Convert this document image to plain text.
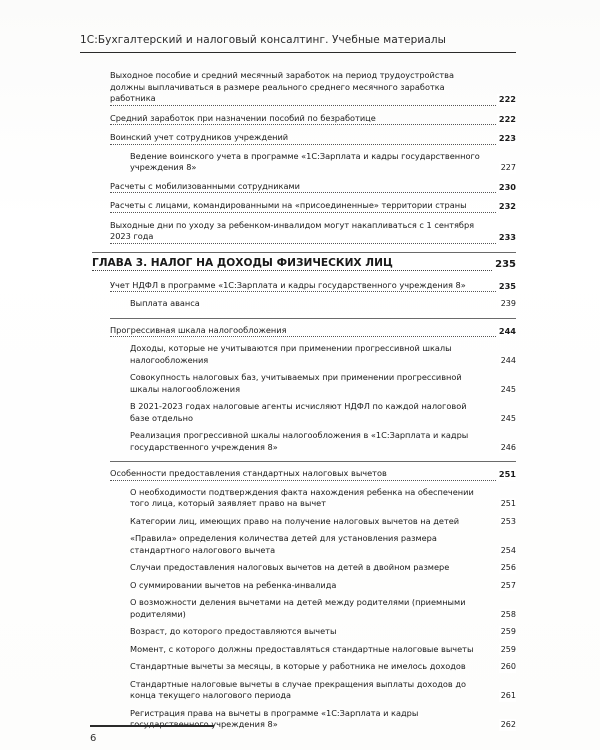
1С:Бухгалтерский и налоговый консалтинг. Учебные материалы
Выходное пособие и средний месячный заработок на период трудоустройства должны выплачиваться в размере реального среднего месячного заработка работника	222
Средний заработок при назначении пособий по безработице	222
Воинский учет сотрудников учреждений	223
Ведение воинского учета в программе «1С:Зарплата и кадры государственного учреждения 8»	227
Расчеты с мобилизованными сотрудниками	230
Расчеты с лицами, командированными на «присоединенные» территории страны	232
Выходные дни по уходу за ребенком-инвалидом могут накапливаться с 1 сентября 2023 года	233
ГЛАВА 3. НАЛОГ НА ДОХОДЫ ФИЗИЧЕСКИХ ЛИЦ	235
Учет НДФЛ в программе «1С:Зарплата и кадры государственного учреждения 8»	235
Выплата аванса	239
Прогрессивная шкала налогообложения	244
Доходы, которые не учитываются при применении прогрессивной шкалы налогообложения	244
Совокупность налоговых баз, учитываемых при применении прогрессивной шкалы налогообложения	245
В 2021-2023 годах налоговые агенты исчисляют НДФЛ по каждой налоговой базе отдельно	245
Реализация прогрессивной шкалы налогообложения в «1С:Зарплата и кадры государственного учреждения 8»	246
Особенности предоставления стандартных налоговых вычетов	251
О необходимости подтверждения факта нахождения ребенка на обеспечении того лица, который заявляет право на вычет	251
Категории лиц, имеющих право на получение налоговых вычетов на детей	253
«Правила» определения количества детей для установления размера стандартного налогового вычета	254
Случаи предоставления налоговых вычетов на детей в двойном размере	256
О суммировании вычетов на ребенка-инвалида	257
О возможности деления вычетами на детей между родителями (приемными родителями)	258
Возраст, до которого предоставляются вычеты	259
Момент, с которого должны предоставляться стандартные налоговые вычеты	259
Стандартные вычеты за месяцы, в которые у работника не имелось доходов	260
Стандартные налоговые вычеты в случае прекращения выплаты доходов до конца текущего налогового периода	261
Регистрация права на вычеты в программе «1С:Зарплата и кадры государственного учреждения 8»	262
6
